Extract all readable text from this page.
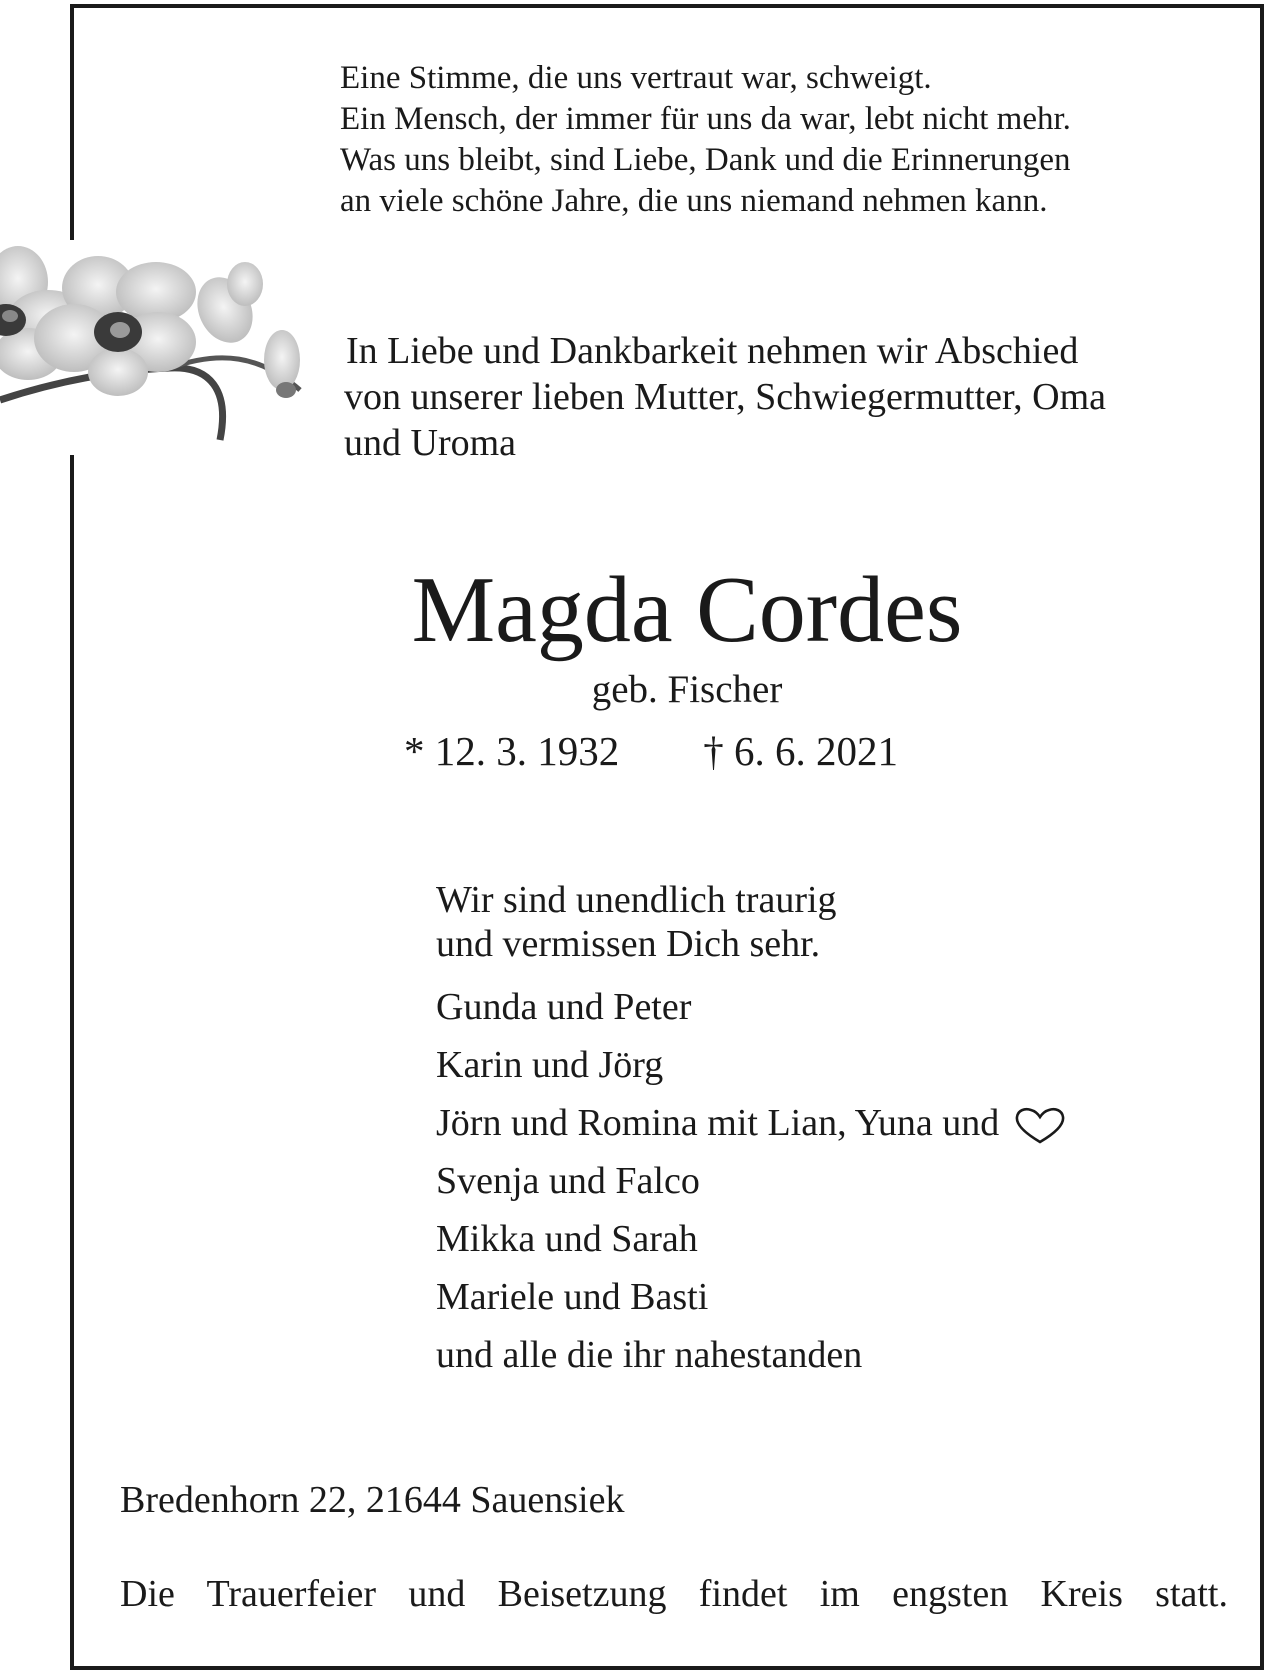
Eine Stimme, die uns vertraut war, schweigt.
Ein Mensch, der immer für uns da war, lebt nicht mehr.
Was uns bleibt, sind Liebe, Dank und die Erinnerungen
an viele schöne Jahre, die uns niemand nehmen kann.
In Liebe und Dankbarkeit nehmen wir Abschied
von unserer lieben Mutter, Schwiegermutter, Oma
und Uroma
Magda Cordes
geb. Fischer
* 12. 3. 1932 † 6. 6. 2021
Wir sind unendlich traurig
und vermissen Dich sehr.
Gunda und Peter
Karin und Jörg
Jörn und Romina mit Lian, Yuna und
Svenja und Falco
Mikka und Sarah
Mariele und Basti
und alle die ihr nahestanden
Bredenhorn 22, 21644 Sauensiek
Die Trauerfeier und Beisetzung findet im engsten Kreis statt.
